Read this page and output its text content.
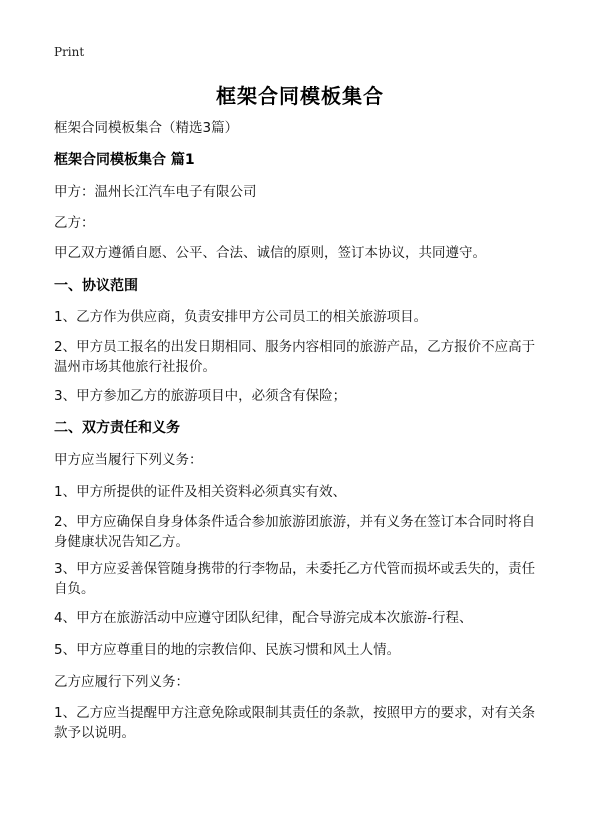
Print
框架合同模板集合
框架合同模板集合（精选3篇）
框架合同模板集合 篇1
甲方：温州长江汽车电子有限公司
乙方：
甲乙双方遵循自愿、公平、合法、诚信的原则，签订本协议，共同遵守。
一、协议范围
1、乙方作为供应商，负责安排甲方公司员工的相关旅游项目。
2、甲方员工报名的出发日期相同、服务内容相同的旅游产品，乙方报价不应高于温州市场其他旅行社报价。
3、甲方参加乙方的旅游项目中，必须含有保险；
二、双方责任和义务
甲方应当履行下列义务：
1、甲方所提供的证件及相关资料必须真实有效、
2、甲方应确保自身身体条件适合参加旅游团旅游，并有义务在签订本合同时将自身健康状况告知乙方。
3、甲方应妥善保管随身携带的行李物品，未委托乙方代管而损坏或丢失的，责任自负。
4、甲方在旅游活动中应遵守团队纪律，配合导游完成本次旅游-行程、
5、甲方应尊重目的地的宗教信仰、民族习惯和风土人情。
乙方应履行下列义务：
1、乙方应当提醒甲方注意免除或限制其责任的条款，按照甲方的要求，对有关条款予以说明。
